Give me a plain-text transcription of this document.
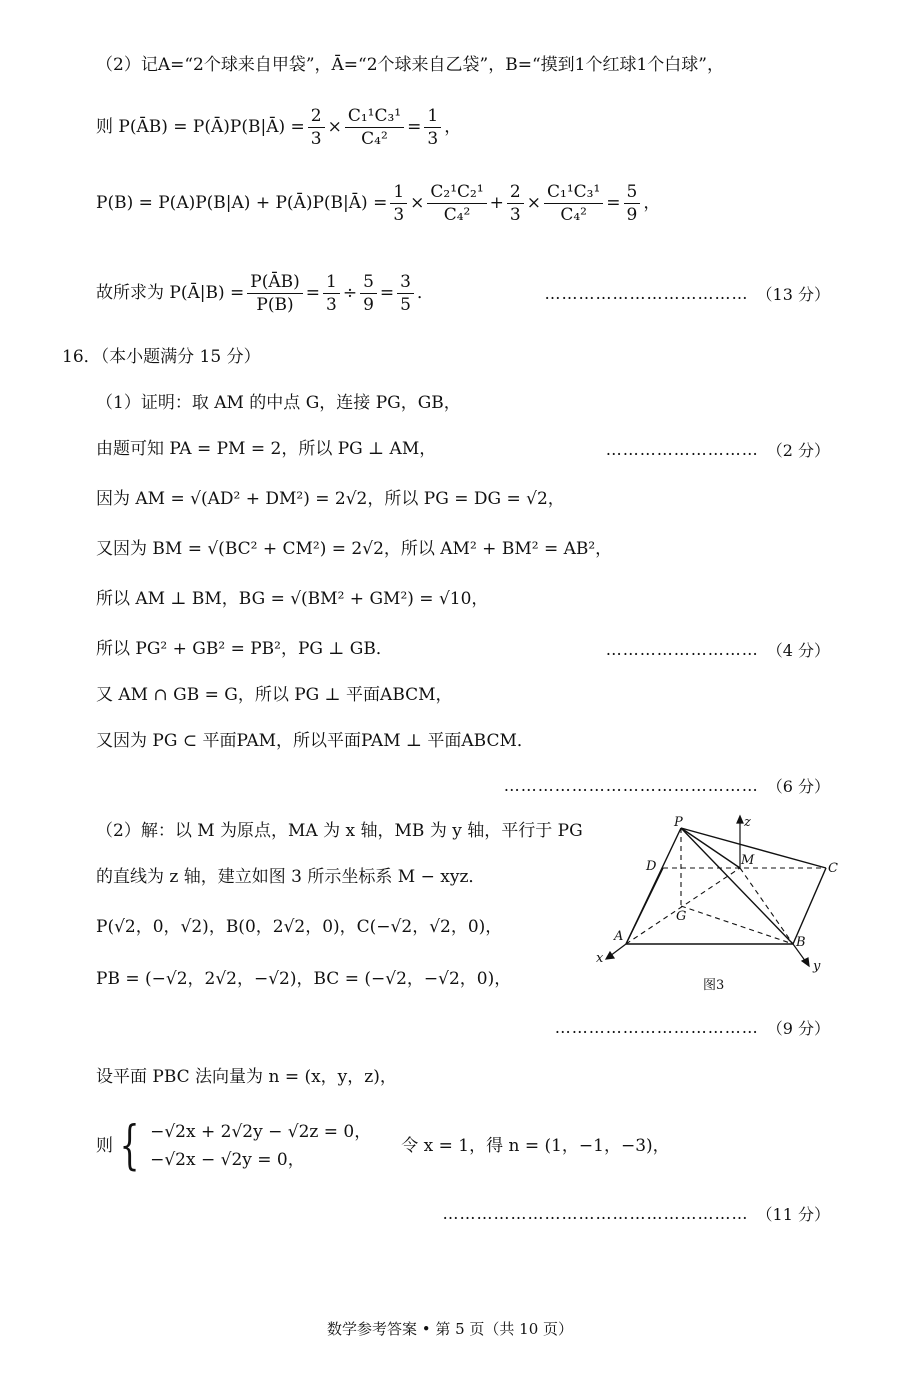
（2）记A=“2个球来自甲袋”，Ā=“2个球来自乙袋”，B=“摸到1个红球1个白球”，
则 P(ĀB) = P(Ā)P(B|Ā) = $\frac{2}{3} \times \frac{\text{C₁¹C₃¹}}{\text{C₄²}} = \frac{1}{3}$ ，
P(B) = P(A)P(B|A) + P(Ā)P(B|Ā) = $\frac{1}{3} \times \frac{\text{C₂¹C₂¹}}{\text{C₄²}} + \frac{2}{3} \times \frac{\text{C₁¹C₃¹}}{\text{C₄²}} = \frac{5}{9}$ ，
故所求为 P(Ā|B) = $\frac{P(ĀB)}{P(B)} = \frac{1}{3} \div \frac{5}{9} = \frac{3}{5}$ ．	……………………………… （13 分）
16．（本小题满分 15 分）
（1）证明：取 AM 的中点 G，连接 PG，GB，
由题可知 PA = PM = 2，所以 PG ⊥ AM，	……………………… （2 分）
因为 AM = √(AD² + DM²) = 2√2，所以 PG = DG = √2，
又因为 BM = √(BC² + CM²) = 2√2，所以 AM² + BM² = AB²，
所以 AM ⊥ BM，BG = √(BM² + GM²) = √10，
所以 PG² + GB² = PB²，PG ⊥ GB．	……………………… （4 分）
又 AM ∩ GB = G，所以 PG ⊥ 平面ABCM，
又因为 PG ⊂ 平面PAM，所以平面PAM ⊥ 平面ABCM．
……………………………………… （6 分）
（2）解：以 M 为原点，MA 为 x 轴，MB 为 y 轴，平行于 PG
的直线为 z 轴，建立如图 3 所示坐标系 M − xyz．
P(√2，0，√2)，B(0，2√2，0)，C(−√2，√2，0)，
PB = (−√2，2√2，−√2)，BC = (−√2，−√2，0)，
……………………………… （9 分）
设平面 PBC 法向量为 n = (x，y，z)，
则 { −√2x + 2√2y − √2z = 0，
−√2x − √2y = 0，
令 x = 1，得 n = (1，−1，−3)，
……………………………………………… （11 分）
P
D	M
C
G
A	B
x
y
z
图3
数学参考答案 • 第 5 页（共 10 页）
